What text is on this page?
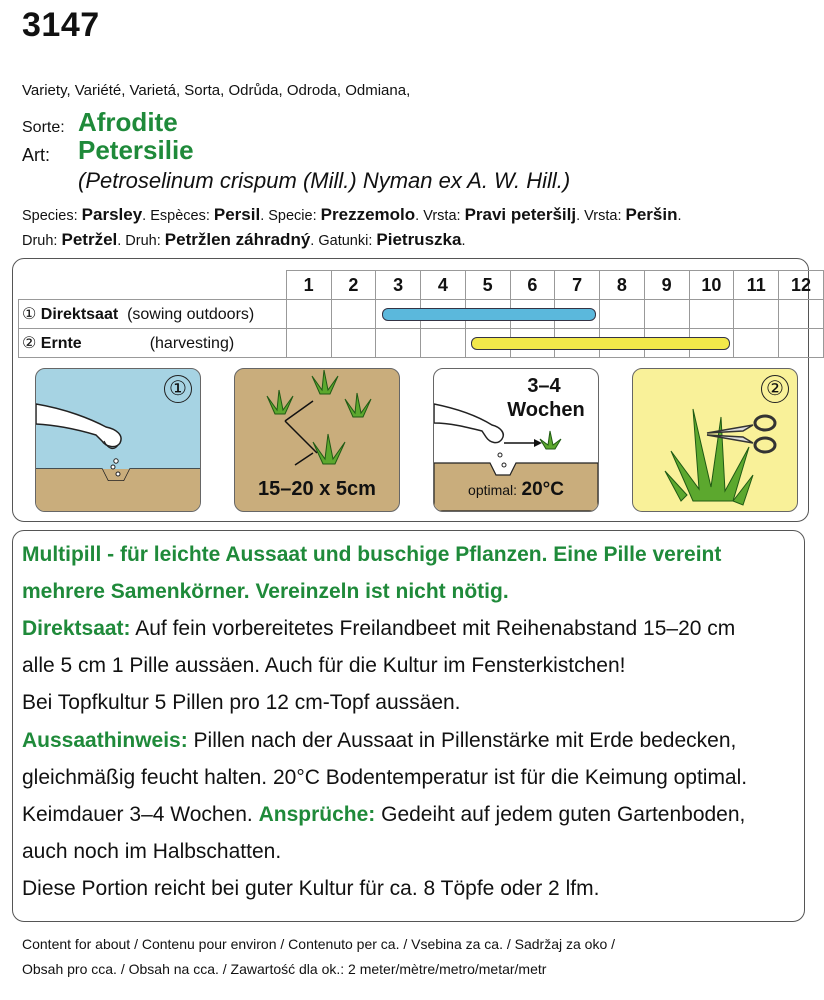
3147
Variety, Variété, Varietá, Sorta, Odrůda, Odroda, Odmiana,
Sorte: Afrodite
Art: Petersilie
(Petroselinum crispum (Mill.) Nyman ex A. W. Hill.)
Species: Parsley. Espèces: Persil. Specie: Prezzemolo. Vrsta: Pravi peteršilj. Vrsta: Peršin.
Druh: Petržel. Druh: Petržlen záhradný. Gatunki: Pietruszka.
	1	2	3	4	5	6	7	8	9	10	11	12
① Direktsaat (sowing outdoors)												
② Ernte (harvesting)												
①
15–20 x 5cm
3–4
Wochen
optimal: 20°C
②
Multipill - für leichte Aussaat und buschige Pflanzen. Eine Pille vereint
mehrere Samenkörner. Vereinzeln ist nicht nötig.
Direktsaat: Auf fein vorbereitetes Freilandbeet mit Reihenabstand 15–20 cm
alle 5 cm 1 Pille aussäen. Auch für die Kultur im Fensterkistchen!
Bei Topfkultur 5 Pillen pro 12 cm-Topf aussäen.
Aussaathinweis: Pillen nach der Aussaat in Pillenstärke mit Erde bedecken,
gleichmäßig feucht halten. 20°C Bodentemperatur ist für die Keimung optimal.
Keimdauer 3–4 Wochen. Ansprüche: Gedeiht auf jedem guten Gartenboden,
auch noch im Halbschatten.
Diese Portion reicht bei guter Kultur für ca. 8 Töpfe oder 2 lfm.
Content for about / Contenu pour environ / Contenuto per ca. / Vsebina za ca. / Sadržaj za oko /
Obsah pro cca. / Obsah na cca. / Zawartość dla ok.: 2 meter/mètre/metro/metar/metr
